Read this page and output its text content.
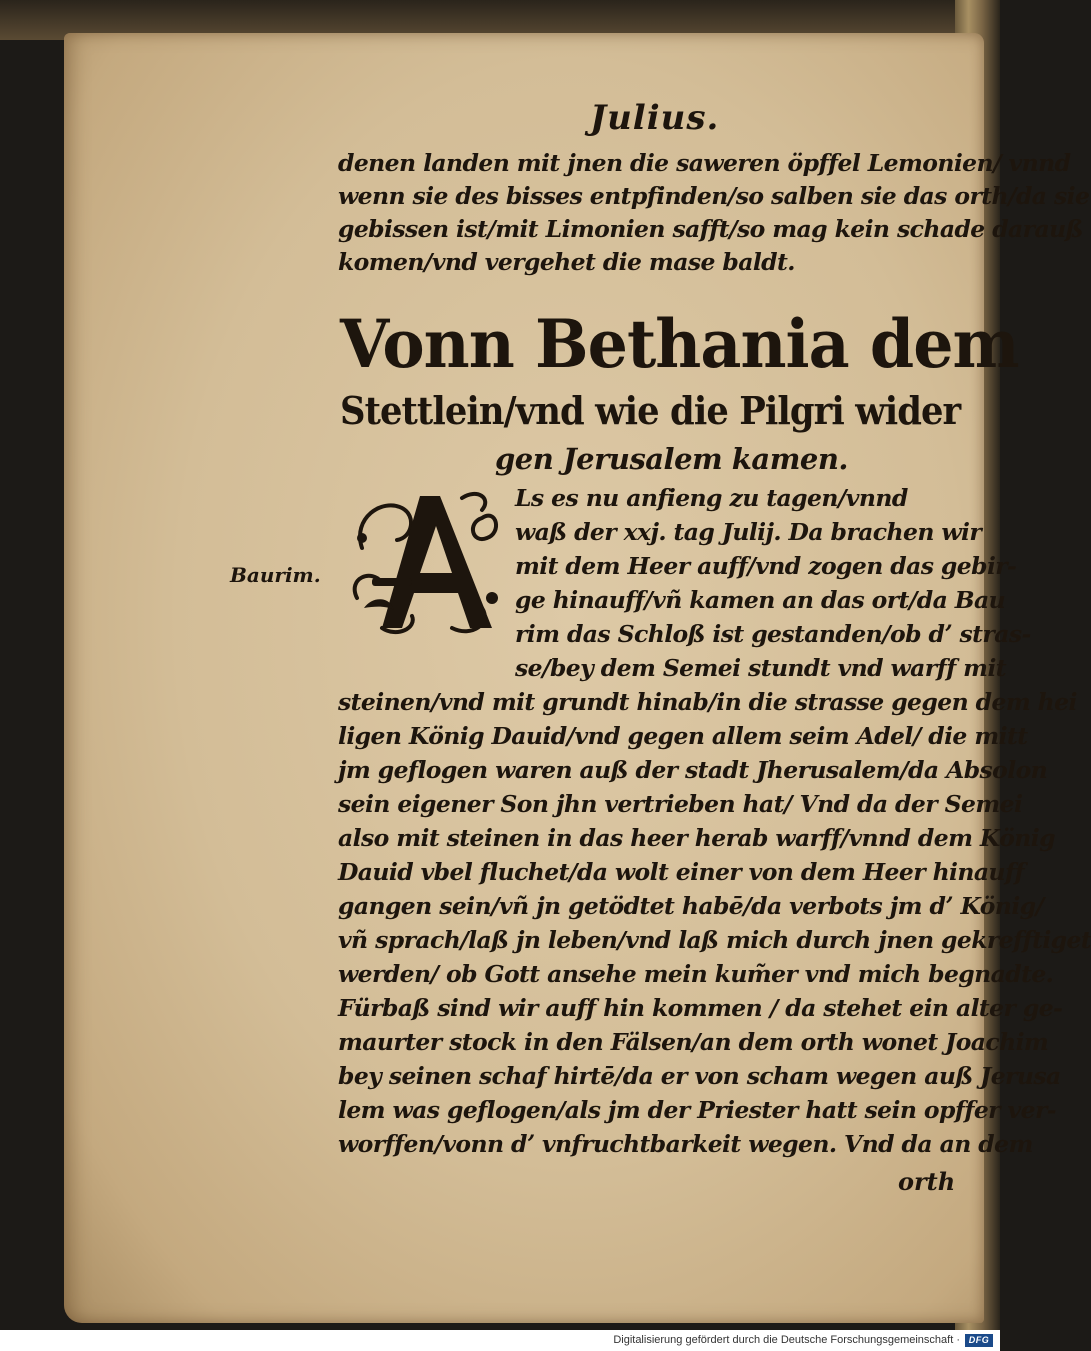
Julius.
denen landen mit jnen die saweren öpffel Lemonien/ vnnd
wenn sie des bisses entpfinden/so salben sie das orth/da sie
gebissen ist/mit Limonien safft/so mag kein schade darauß
komen/vnd vergehet die mase baldt.
Vonn Bethania dem
Stettlein/vnd wie die Pilgri wider
gen Jerusalem kamen.
Baurim.
Ls es nu anfieng zu tagen/vnnd
waß der xxj. tag Julij. Da brachen wir
mit dem Heer auff/vnd zogen das gebir-
ge hinauff/vñ kamen an das ort/da Bau
rim das Schloß ist gestanden/ob dʼ stras-
se/bey dem Semei stundt vnd warff mit
steinen/vnd mit grundt hinab/in die strasse gegen dem hei
ligen König Dauid/vnd gegen allem seim Adel/ die mitt
jm geflogen waren auß der stadt Jherusalem/da Absolon
sein eigener Son jhn vertrieben hat/ Vnd da der Semei
also mit steinen in das heer herab warff/vnnd dem König
Dauid vbel fluchet/da wolt einer von dem Heer hinauff
gangen sein/vñ jn getödtet habē/da verbots jm dʼ König/
vñ sprach/laß jn leben/vnd laß mich durch jnen gekrefftiget
werden/ ob Gott ansehe mein kum̃er vnd mich begnadte.
Fürbaß sind wir auff hin kommen / da stehet ein alter ge-
maurter stock in den Fälsen/an dem orth wonet Joachim
bey seinen schaf hirtē/da er von scham wegen auß Jerusa
lem was geflogen/als jm der Priester hatt sein opffer ver-
worffen/vonn dʼ vnfruchtbarkeit wegen. Vnd da an dem
orth
Digitalisierung gefördert durch die Deutsche Forschungsgemeinschaft · DFG
